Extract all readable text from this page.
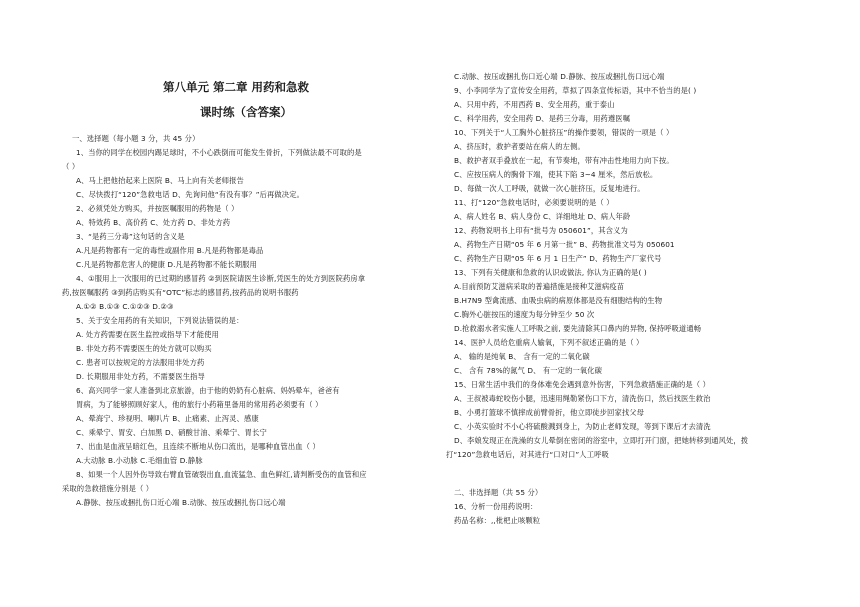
第八单元 第二章 用药和急救
课时练（含答案）
一、选择题（每小题 3 分，共 45 分）
1、当你的同学在校园内踢足球时，不小心跌倒而可能发生骨折，下列做法最不可取的是
（ ）
A、马上把他抬起来上医院 B、马上向有关老师报告
C、尽快拨打“120”急救电话 D、先询问他“有没有事？”后再做决定。
2、必须凭处方购买，并按医嘱服用的药物是（ ）
A、特效药 B、高价药 C、处方药 D、非处方药
3、“是药三分毒”这句话的含义是
A.凡是药物都有一定的毒性或副作用 B.凡是药物都是毒品
C.凡是药物都危害人的健康 D.凡是药物都不能长期服用
4、①服用上一次服用的已过期的感冒药 ②到医院请医生诊断,凭医生的处方到医院药房拿
药,按医嘱服药 ③到药店购买有“OTC”标志的感冒药,按药品的说明书服药
A.①② B.①③ C.①②③ D.②③
5、关于安全用药的有关知识，下列说法错误的是：
A. 处方药需要在医生监控或指导下才能使用
B. 非处方药不需要医生的处方就可以购买
C. 患者可以按规定的方法服用非处方药
D. 长期服用非处方药，不需要医生指导
6、高兴同学一家人准备到北京旅游，由于他的奶奶有心脏病、妈妈晕车，爸爸有
胃病，为了能够照顾好家人，他的旅行小药箱里备用的常用药必须要有（ ）
A、晕海宁、珍视明、喇叭片 B、止痛素、止泻灵、感康
C、乘晕宁、胃安、白加黑 D、硝酸甘油、乘晕宁、胃长宁
7、出血是血液呈暗红色，且连续不断地从伤口流出，是哪种血管出血（ ）
A.大动脉 B.小动脉 C.毛细血管 D.静脉
8、如果一个人因外伤导致右臂血管破裂出血,血流猛急、血色鲜红,请判断受伤的血管和应
采取的急救措施分别是（ ）
A.静脉、按压或捆扎伤口近心端 B.动脉、按压或捆扎伤口远心端
C.动脉、按压或捆扎伤口近心端 D.静脉、按压或捆扎伤口远心端
9、小李同学为了宣传安全用药，草拟了四条宣传标语，其中不恰当的是( )
A、只用中药，不用西药 B、安全用药，重于泰山
C、科学用药，安全用药 D、是药三分毒，用药遵医嘱
10、下列关于“人工胸外心脏挤压”的操作要领，错误的一项是（ ）
A、挤压时，救护者要站在病人的左侧。
B、救护者双手叠放在一起，有节奏地，带有冲击性地用力向下按。
C、应按压病人的胸骨下端，使其下陷 3~4 厘米，然后放松。
D、每做一次人工呼吸，就做一次心脏挤压，反复地进行。
11、打“120”急救电话时，必须要说明的是（ ）
A、病人姓名 B、病人身份 C、详细地址 D、病人年龄
12、药物说明书上印有“批号为 050601”，其含义为
A、药物生产日期“05 年 6 月第一批” B、药物批准文号为 050601
C、药物生产日期“05 年 6 月 1 日生产” D、药物生产厂家代号
13、下列有关健康和急救的认识或做法, 你认为正确的是( )
A.目前预防艾滋病采取的普遍措施是接种艾滋病疫苗
B.H7N9 型禽流感、血吸虫病的病原体都是没有细胞结构的生物
C.胸外心脏按压的速度为每分钟至少 50 次
D.抢救溺水者实施人工呼吸之前, 要先清除其口鼻内的异物, 保持呼吸道通畅
14、医护人员给危重病人输氧，下列不叙述正确的是（ ）
A、 输的是纯氧 B、 含有一定的二氧化碳
C、 含有 78%的氮气 D、 有一定的一氧化碳
15、日常生活中我们的身体难免会遇到意外伤害，下列急救措施正确的是（ ）
A、王叔被毒蛇咬伤小腿，迅速用绳勒紧伤口下方，清洗伤口，然后找医生救治
B、小勇打篮球不慎摔成前臂骨折，他立即徒步回家找父母
C、小英实验时不小心将硫酸溅到身上，为防止老师发现，等到下课后才去清洗
D、李娘发现正在洗澡的女儿晕倒在密闭的浴室中，立即打开门窗，把她转移到通风处，拨
打“120”急救电话后，对其进行“口对口”人工呼吸
二、非选择题（共 55 分）
16、分析一份用药说明：
药品名称：,,枇杷止咳颗粒
